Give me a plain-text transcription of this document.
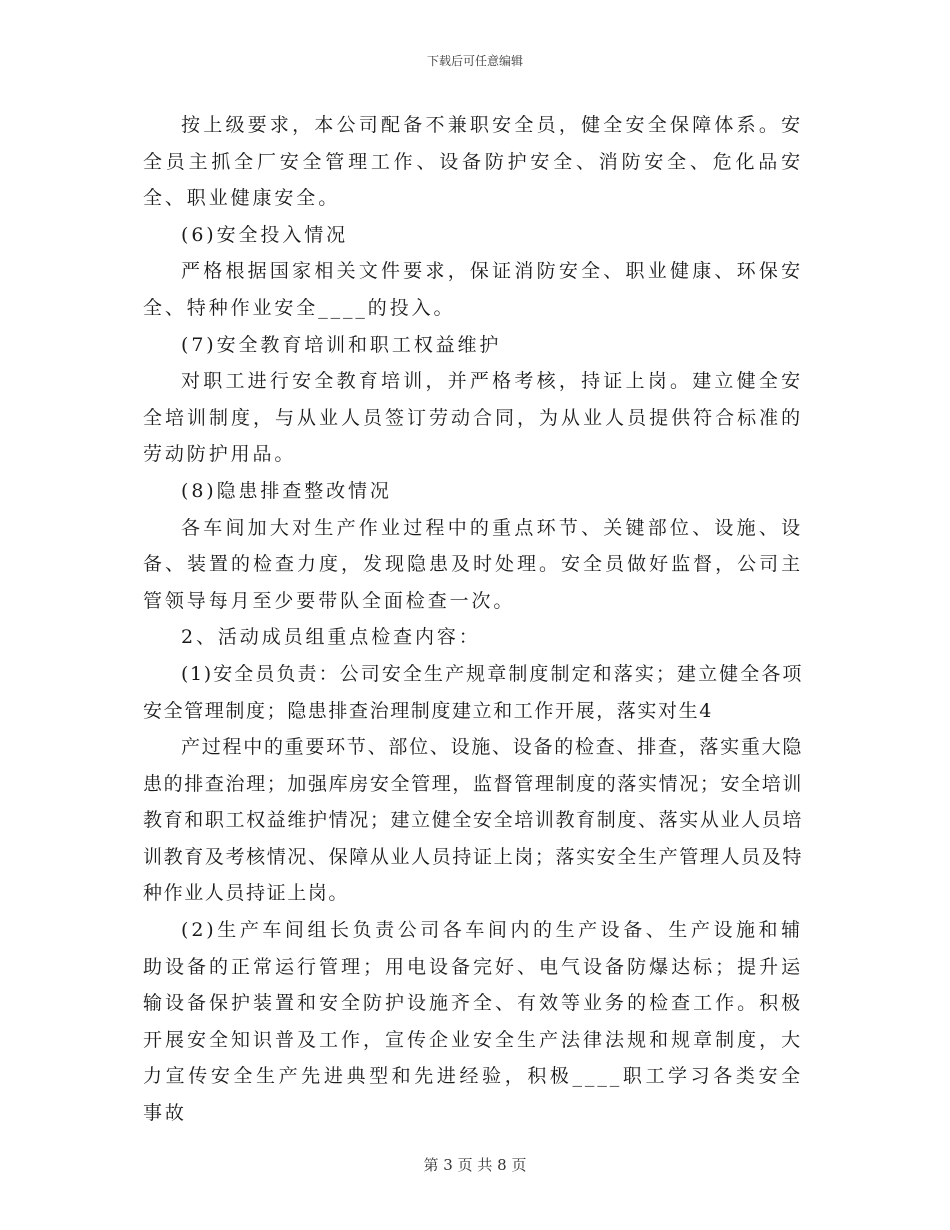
下载后可任意编辑

按上级要求，本公司配备不兼职安全员，健全安全保障体系。安全员主抓全厂安全管理工作、设备防护安全、消防安全、危化品安全、职业健康安全。

(6)安全投入情况

严格根据国家相关文件要求，保证消防安全、职业健康、环保安全、特种作业安全____的投入。

(7)安全教育培训和职工权益维护

对职工进行安全教育培训，并严格考核，持证上岗。建立健全安全培训制度，与从业人员签订劳动合同，为从业人员提供符合标准的劳动防护用品。

(8)隐患排查整改情况

各车间加大对生产作业过程中的重点环节、关键部位、设施、设备、装置的检查力度，发现隐患及时处理。安全员做好监督，公司主管领导每月至少要带队全面检查一次。

2、活动成员组重点检查内容：

(1)安全员负责：公司安全生产规章制度制定和落实；建立健全各项安全管理制度；隐患排查治理制度建立和工作开展，落实对生4

产过程中的重要环节、部位、设施、设备的检查、排查，落实重大隐患的排查治理；加强库房安全管理，监督管理制度的落实情况；安全培训教育和职工权益维护情况；建立健全安全培训教育制度、落实从业人员培训教育及考核情况、保障从业人员持证上岗；落实安全生产管理人员及特种作业人员持证上岗。

(2)生产车间组长负责公司各车间内的生产设备、生产设施和辅助设备的正常运行管理；用电设备完好、电气设备防爆达标；提升运输设备保护装置和安全防护设施齐全、有效等业务的检查工作。积极开展安全知识普及工作，宣传企业安全生产法律法规和规章制度，大力宣传安全生产先进典型和先进经验，积极____职工学习各类安全事故

第 3 页 共 8 页
